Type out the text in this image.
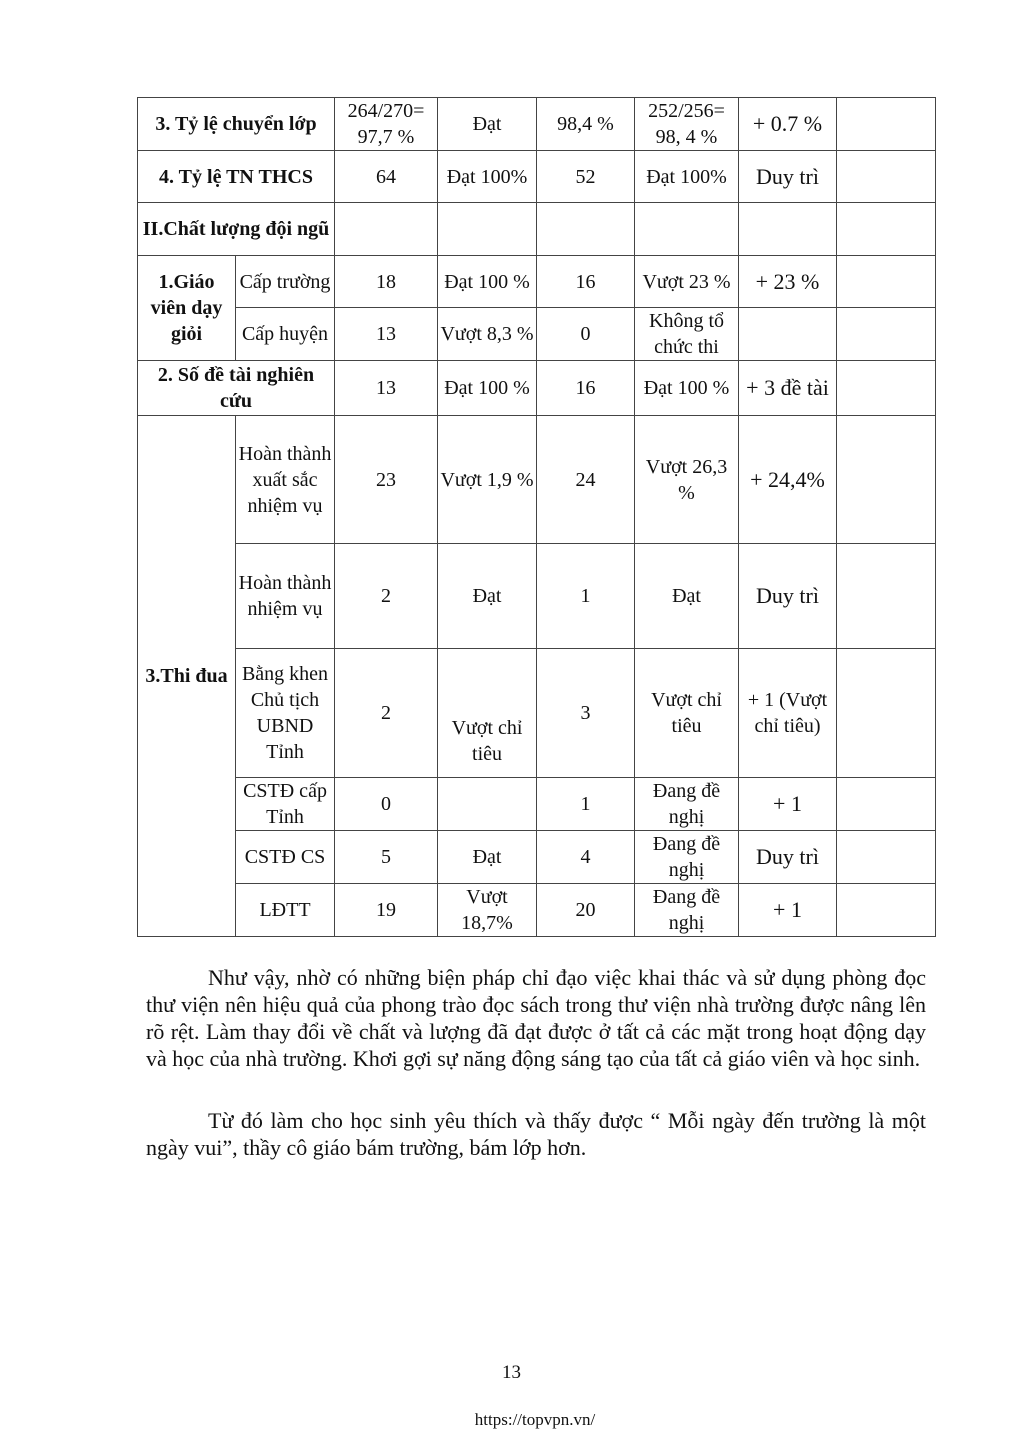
3. Tỷ lệ chuyển lớp		264/270= 97,7 %	Đạt	98,4 %	252/256= 98, 4 %	+ 0.7 %	
4. Tỷ lệ TN THCS		64	Đạt 100%	52	Đạt 100%	Duy trì	
II.Chất lượng đội ngũ							
1.Giáo viên dạy giỏi	Cấp trường	18	Đạt 100 %	16	Vượt 23 %	+ 23 %	
	Cấp huyện	13	Vượt 8,3 %	0	Không tổ chức thi		
2. Số đề tài nghiên cứu		13	Đạt 100 %	16	Đạt 100 %	+ 3 đề tài	
3.Thi đua	Hoàn thành xuất sắc nhiệm vụ	23	Vượt 1,9 %	24	Vượt 26,3 %	+ 24,4%	
	Hoàn thành nhiệm vụ	2	Đạt	1	Đạt	Duy trì	
	Bằng khen Chủ tịch UBND Tỉnh	2	Vượt chỉ tiêu	3	Vượt chỉ tiêu	+ 1 (Vượt chỉ tiêu)	
	CSTĐ cấp Tỉnh	0		1	Đang đề nghị	+ 1	
	CSTĐ CS	5	Đạt	4	Đang đề nghị	Duy trì	
	LĐTT	19	Vượt 18,7%	20	Đang đề nghị	+ 1	

Như vậy, nhờ có những biện pháp chỉ đạo việc khai thác và sử dụng phòng đọc thư viện nên hiệu quả của phong trào đọc sách trong thư viện nhà trường được nâng lên rõ rệt. Làm thay đổi về chất và lượng đã đạt được ở tất cả các mặt trong hoạt động dạy và học của nhà trường. Khơi gợi sự năng động sáng tạo của tất cả giáo viên và học sinh.

Từ đó làm cho học sinh yêu thích và thấy được “ Mỗi ngày đến trường là một ngày vui”, thầy cô giáo bám trường, bám lớp hơn.

13
https://topvpn.vn/
